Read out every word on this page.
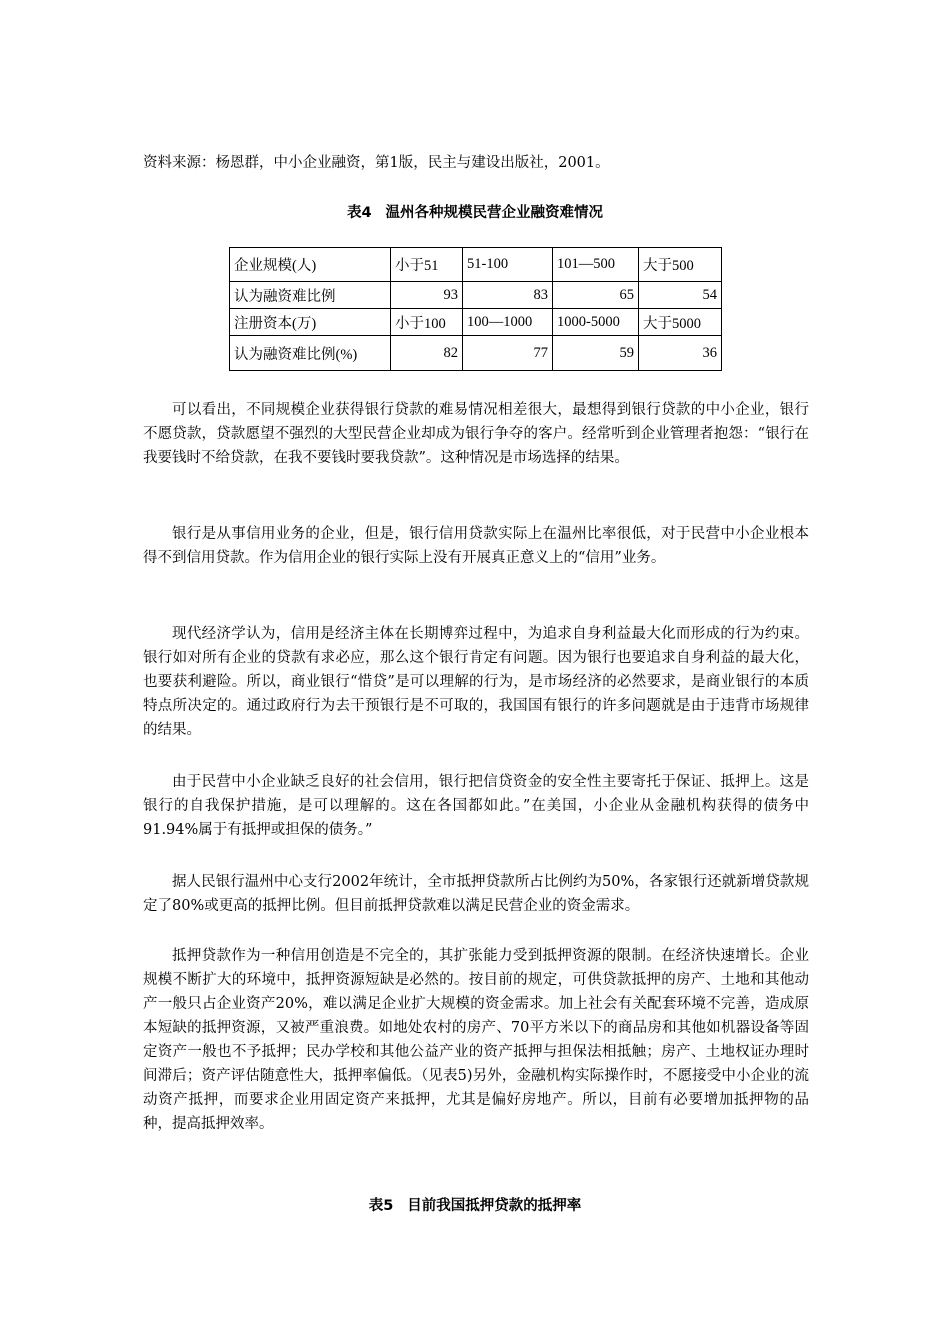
资料来源：杨恩群，中小企业融资，第1版，民主与建设出版社，2001。
表4 温州各种规模民营企业融资难情况
企业规模(人)	小于51	51-100	101—500	大于500
认为融资难比例	93	83	65	54
注册资本(万)	小于100	100—1000	1000-5000	大于5000
认为融资难比例(%)	82	77	59	36

可以看出，不同规模企业获得银行贷款的难易情况相差很大，最想得到银行贷款的中小企业，银行不愿贷款，贷款愿望不强烈的大型民营企业却成为银行争夺的客户。经常听到企业管理者抱怨：“银行在我要钱时不给贷款，在我不要钱时要我贷款”。这种情况是市场选择的结果。

银行是从事信用业务的企业，但是，银行信用贷款实际上在温州比率很低，对于民营中小企业根本得不到信用贷款。作为信用企业的银行实际上没有开展真正意义上的“信用”业务。

现代经济学认为，信用是经济主体在长期博弈过程中，为追求自身利益最大化而形成的行为约束。银行如对所有企业的贷款有求必应，那么这个银行肯定有问题。因为银行也要追求自身利益的最大化，也要获利避险。所以，商业银行“惜贷”是可以理解的行为，是市场经济的必然要求，是商业银行的本质特点所决定的。通过政府行为去干预银行是不可取的，我国国有银行的许多问题就是由于违背市场规律的结果。

由于民营中小企业缺乏良好的社会信用，银行把信贷资金的安全性主要寄托于保证、抵押上。这是银行的自我保护措施，是可以理解的。这在各国都如此。”在美国，小企业从金融机构获得的债务中91.94%属于有抵押或担保的债务。”

据人民银行温州中心支行2002年统计，全市抵押贷款所占比例约为50%，各家银行还就新增贷款规定了80%或更高的抵押比例。但目前抵押贷款难以满足民营企业的资金需求。

抵押贷款作为一种信用创造是不完全的，其扩张能力受到抵押资源的限制。在经济快速增长。企业规模不断扩大的环境中，抵押资源短缺是必然的。按目前的规定，可供贷款抵押的房产、土地和其他动产一般只占企业资产20%，难以满足企业扩大规模的资金需求。加上社会有关配套环境不完善，造成原本短缺的抵押资源，又被严重浪费。如地处农村的房产、70平方米以下的商品房和其他如机器设备等固定资产一般也不予抵押；民办学校和其他公益产业的资产抵押与担保法相抵触；房产、土地权证办理时间滞后；资产评估随意性大，抵押率偏低。（见表5)另外，金融机构实际操作时，不愿接受中小企业的流动资产抵押，而要求企业用固定资产来抵押，尤其是偏好房地产。所以，目前有必要增加抵押物的品种，提高抵押效率。

表5 目前我国抵押贷款的抵押率
